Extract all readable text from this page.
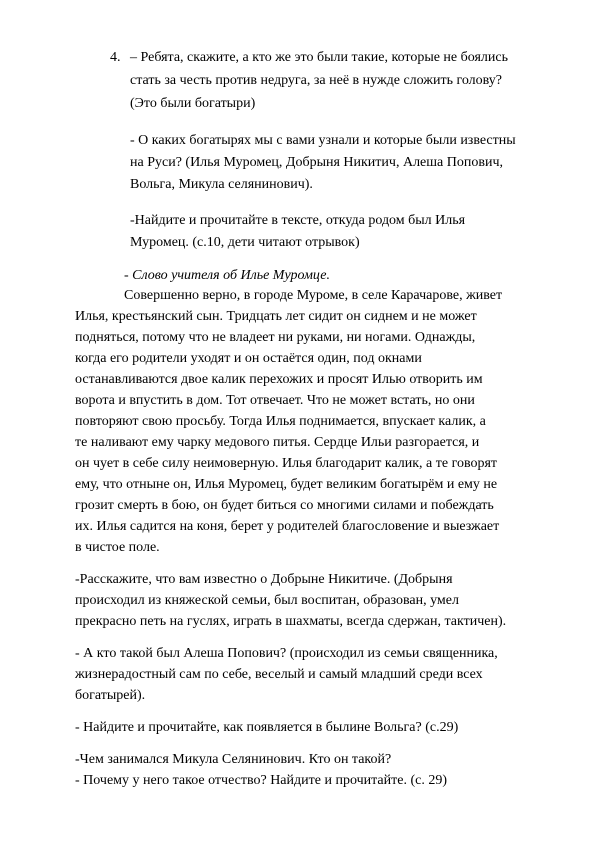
4. – Ребята, скажите, а кто же это были такие, которые не боялись
стать за честь против недруга, за неё в нужде сложить голову?
(Это были богатыри)
- О каких богатырях мы с вами узнали и которые были известны
на Руси? (Илья Муромец, Добрыня Никитич, Алеша Попович,
Вольга, Микула селянинович).
-Найдите и прочитайте в тексте, откуда родом был Илья
Муромец. (с.10, дети читают отрывок)
- Слово учителя об Илье Муромце.
Совершенно верно, в городе Муроме, в селе Карачарове, живет
Илья, крестьянский сын. Тридцать лет сидит он сиднем и не может
подняться, потому что не владеет ни руками, ни ногами. Однажды,
когда его родители уходят и он остаётся один, под окнами
останавливаются двое калик перехожих и просят Илью отворить им
ворота и впустить в дом. Тот отвечает. Что не может встать, но они
повторяют свою просьбу. Тогда Илья поднимается, впускает калик, а
те наливают ему чарку медового питья. Сердце Ильи разгорается, и
он чует в себе силу неимоверную. Илья благодарит калик, а те говорят
ему, что отныне он, Илья Муромец, будет великим богатырём и ему не
грозит смерть в бою, он будет биться со многими силами и побеждать
их. Илья садится на коня, берет у родителей благословение и выезжает
в чистое поле.
-Расскажите, что вам известно о Добрыне Никитиче. (Добрыня
происходил из княжеской семьи, был воспитан, образован, умел
прекрасно петь на гуслях, играть в шахматы, всегда сдержан, тактичен).
- А кто такой был Алеша Попович? (происходил из семьи священника,
жизнерадостный сам по себе, веселый и самый младший среди всех
богатырей).
- Найдите и прочитайте, как появляется в былине Вольга? (с.29)
-Чем занимался Микула Селянинович. Кто он такой?
- Почему у него такое отчество? Найдите и прочитайте. (с. 29)
